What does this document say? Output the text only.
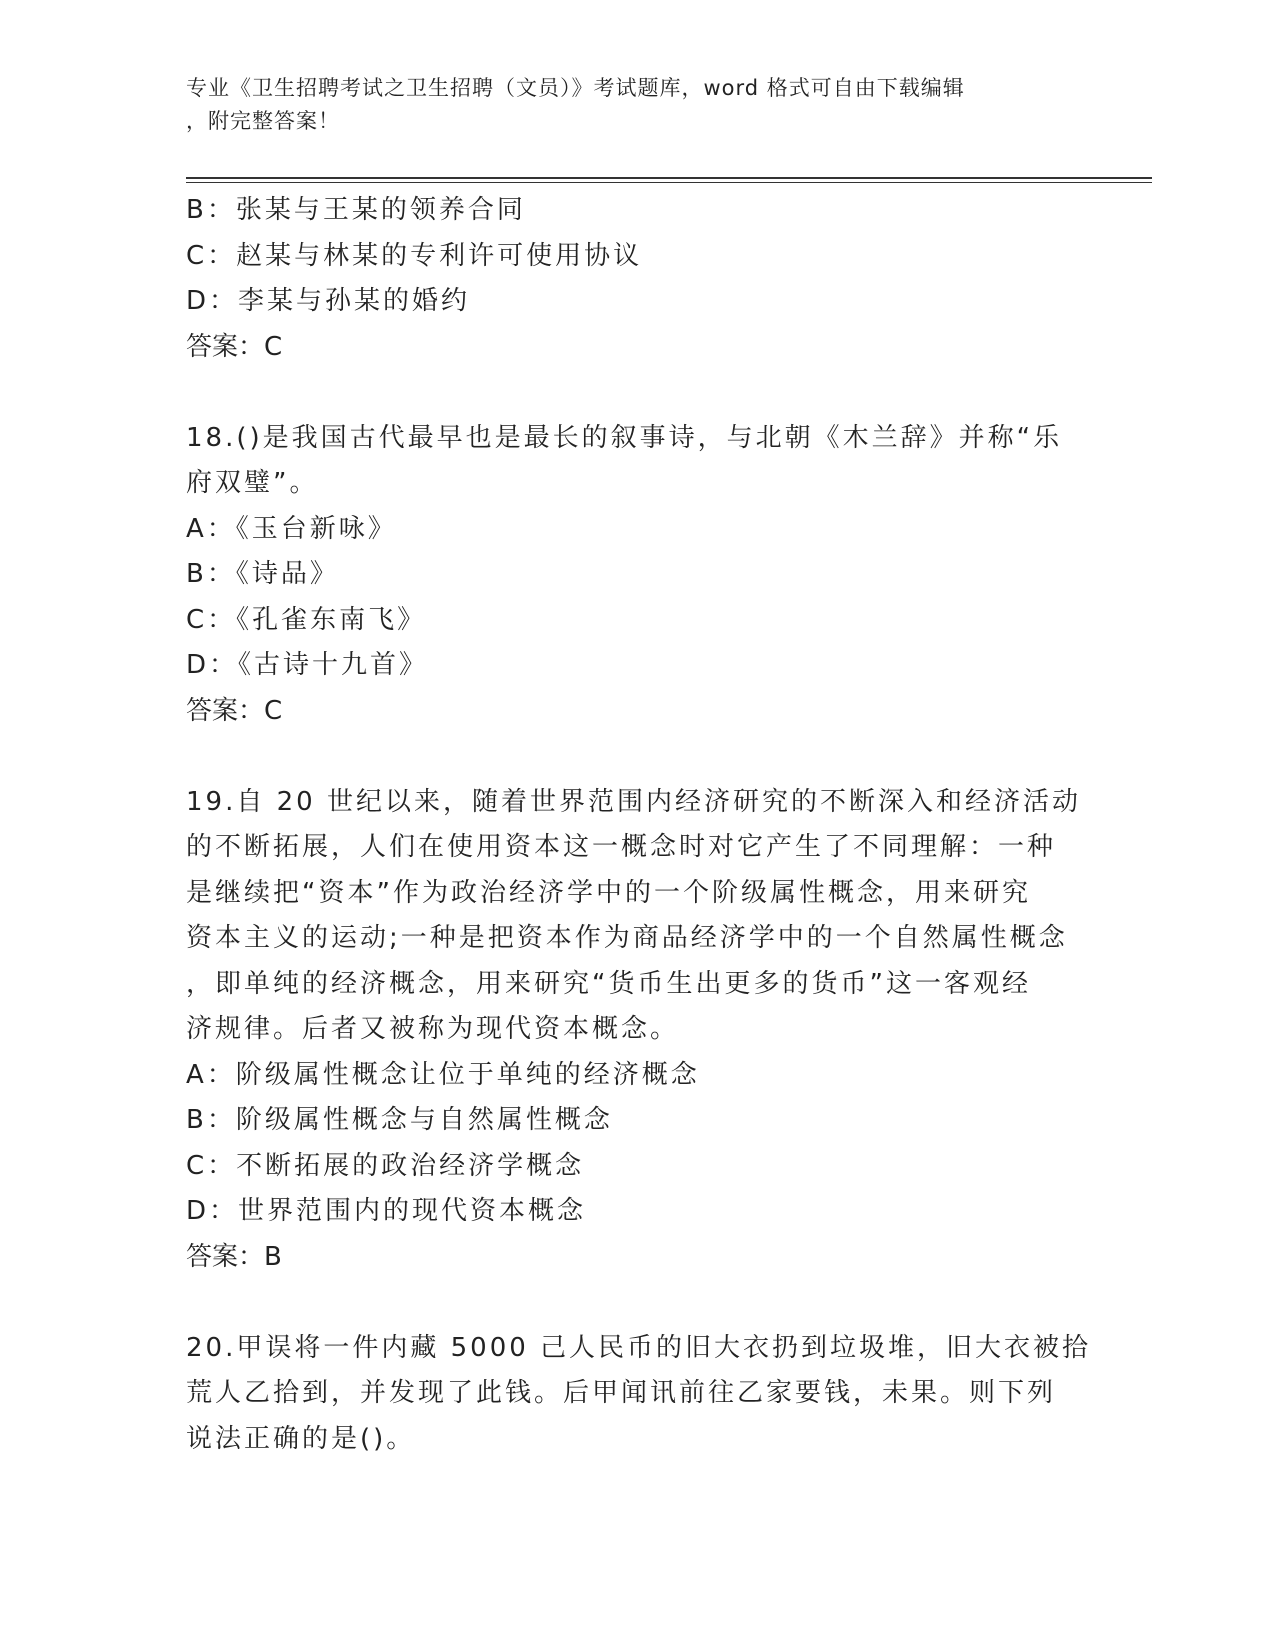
专业《卫生招聘考试之卫生招聘（文员）》考试题库，word 格式可自由下载编辑
，附完整答案！
B：张某与王某的领养合同
C：赵某与林某的专利许可使用协议
D：李某与孙某的婚约
答案：C
18.()是我国古代最早也是最长的叙事诗，与北朝《木兰辞》并称“乐
府双璧”。
A：《玉台新咏》
B：《诗品》
C：《孔雀东南飞》
D：《古诗十九首》
答案：C
19.自 20 世纪以来，随着世界范围内经济研究的不断深入和经济活动
的不断拓展，人们在使用资本这一概念时对它产生了不同理解：一种
是继续把“资本”作为政治经济学中的一个阶级属性概念，用来研究
资本主义的运动;一种是把资本作为商品经济学中的一个自然属性概念
，即单纯的经济概念，用来研究“货币生出更多的货币”这一客观经
济规律。后者又被称为现代资本概念。
A：阶级属性概念让位于单纯的经济概念
B：阶级属性概念与自然属性概念
C：不断拓展的政治经济学概念
D：世界范围内的现代资本概念
答案：B
20.甲误将一件内藏 5000 己人民币的旧大衣扔到垃圾堆，旧大衣被拾
荒人乙拾到，并发现了此钱。后甲闻讯前往乙家要钱，未果。则下列
说法正确的是()。
